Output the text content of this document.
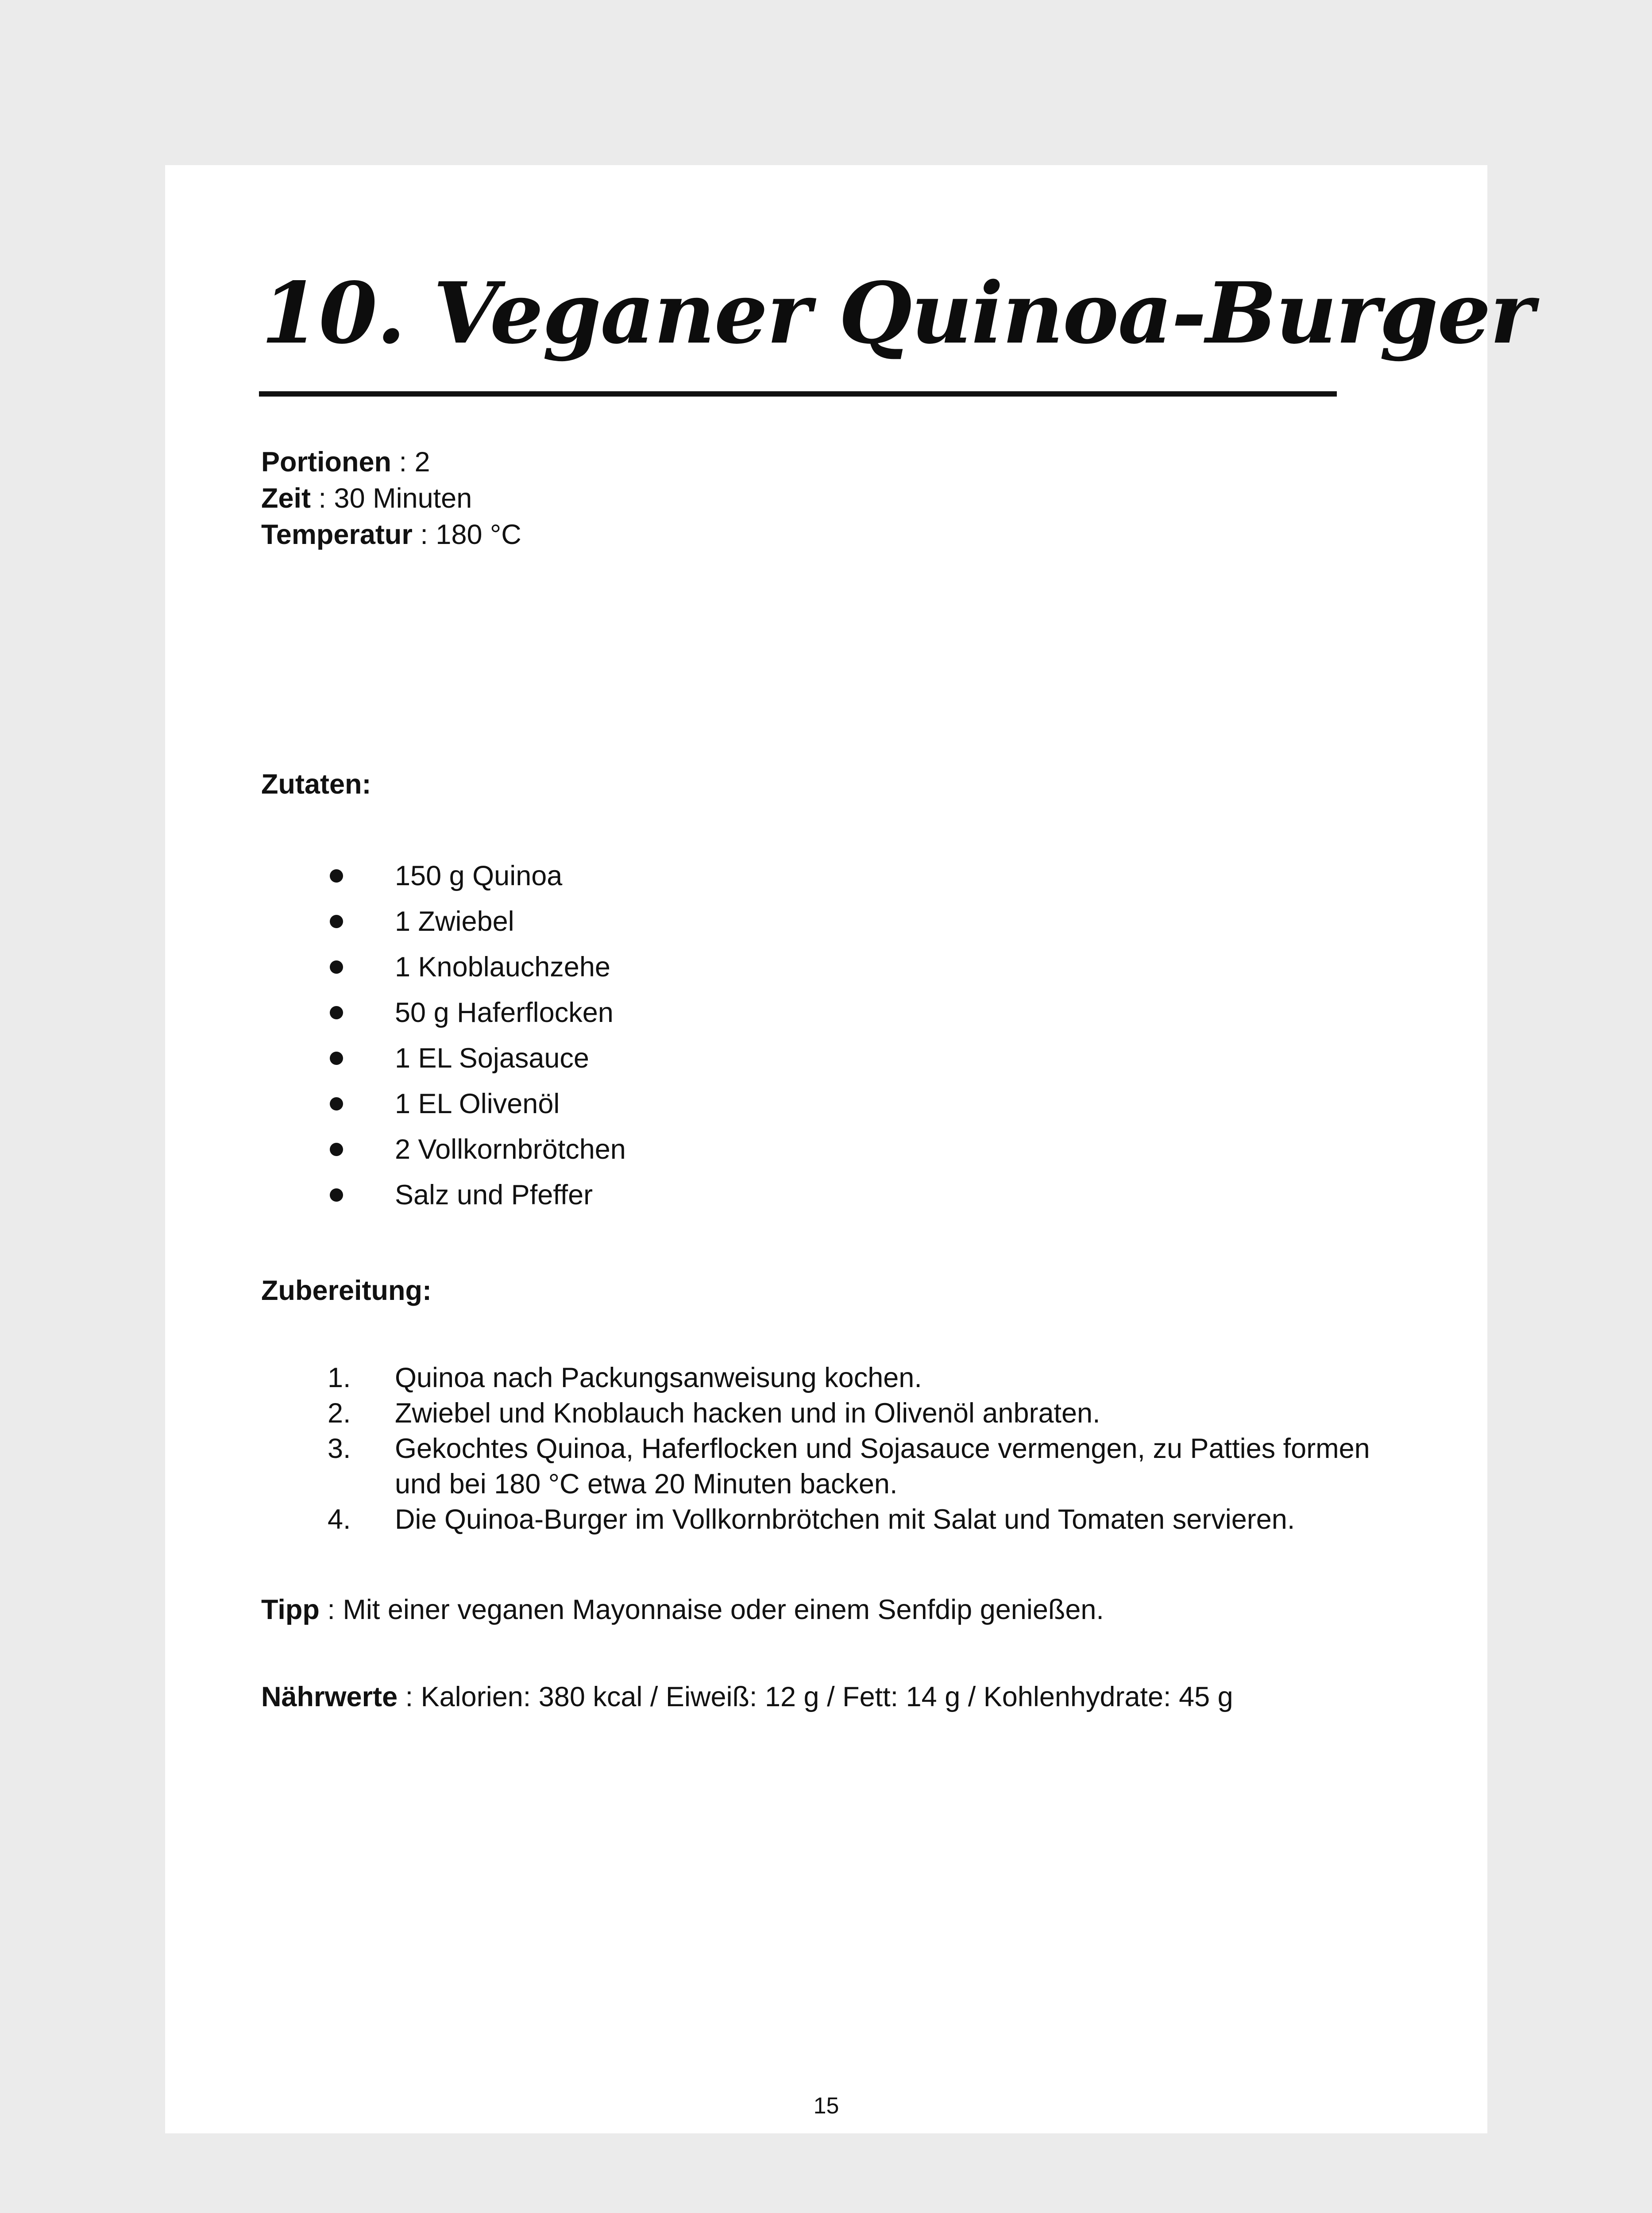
10. Veganer Quinoa-Burger
Portionen : 2
Zeit : 30 Minuten
Temperatur : 180 °C
Zutaten:
150 g Quinoa
1 Zwiebel
1 Knoblauchzehe
50 g Haferflocken
1 EL Sojasauce
1 EL Olivenöl
2 Vollkornbrötchen
Salz und Pfeffer
Zubereitung:
1. Quinoa nach Packungsanweisung kochen.
2. Zwiebel und Knoblauch hacken und in Olivenöl anbraten.
3. Gekochtes Quinoa, Haferflocken und Sojasauce vermengen, zu Patties formen und bei 180 °C etwa 20 Minuten backen.
4. Die Quinoa-Burger im Vollkornbrötchen mit Salat und Tomaten servieren.
Tipp : Mit einer veganen Mayonnaise oder einem Senfdip genießen.
Nährwerte : Kalorien: 380 kcal / Eiweiß: 12 g / Fett: 14 g / Kohlenhydrate: 45 g
15
